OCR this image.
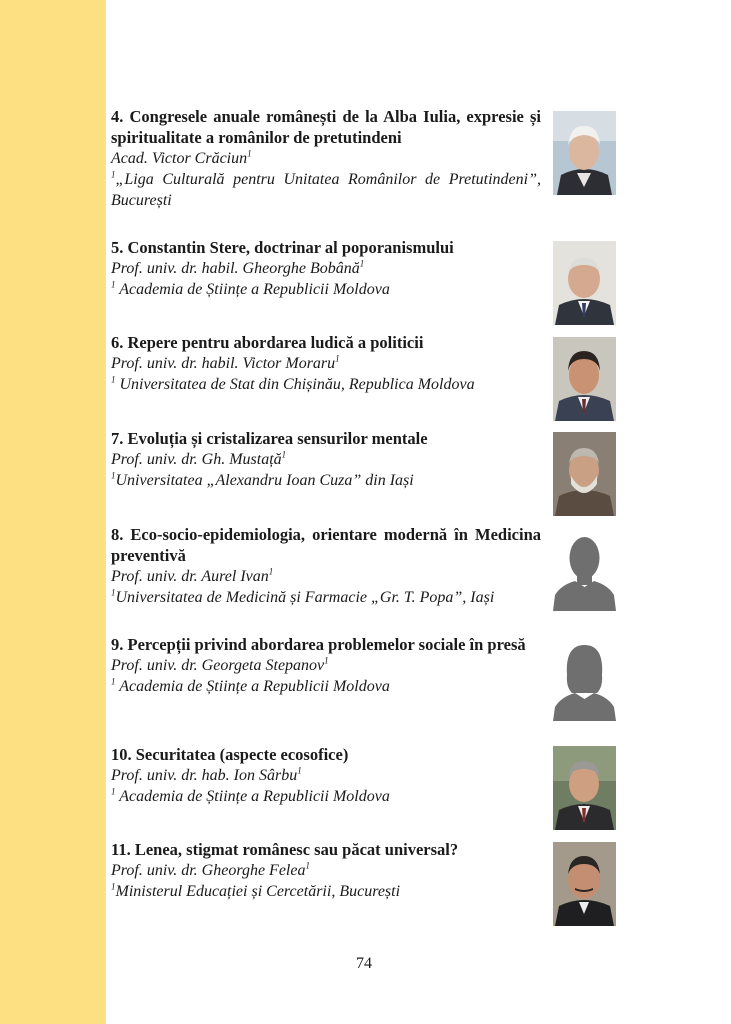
4. Congresele anuale românești de la Alba Iulia, expresie și spiritualitate a românilor de pretutindeni
Acad. Victor Crăciun$^1$
$^1$„Liga Culturală pentru Unitatea Românilor de Pretutindeni”, București
5. Constantin Stere, doctrinar al poporanismului
Prof. univ. dr. habil. Gheorghe Bobână$^1$
$^1$ Academia de Științe a Republicii Moldova
6. Repere pentru abordarea ludică a politicii
Prof. univ. dr. habil. Victor Moraru$^1$
$^1$ Universitatea de Stat din Chișinău, Republica Moldova
7. Evoluția și cristalizarea sensurilor mentale
Prof. univ. dr. Gh. Mustață$^1$
$^1$Universitatea „Alexandru Ioan Cuza” din Iași
8. Eco-socio-epidemiologia, orientare modernă în Medicina preventivă
Prof. univ. dr. Aurel Ivan$^1$
$^1$Universitatea de Medicină și Farmacie „Gr. T. Popa”, Iași
9. Percepții privind abordarea problemelor sociale în presă
Prof. univ. dr. Georgeta Stepanov$^1$
$^1$ Academia de Științe a Republicii Moldova
10. Securitatea (aspecte ecosofice)
Prof. univ. dr. hab. Ion Sârbu$^1$
$^1$ Academia de Științe a Republicii Moldova
11. Lenea, stigmat românesc sau păcat universal?
Prof. univ. dr. Gheorghe Felea$^1$
$^1$Ministerul Educației și Cercetării, București
74
